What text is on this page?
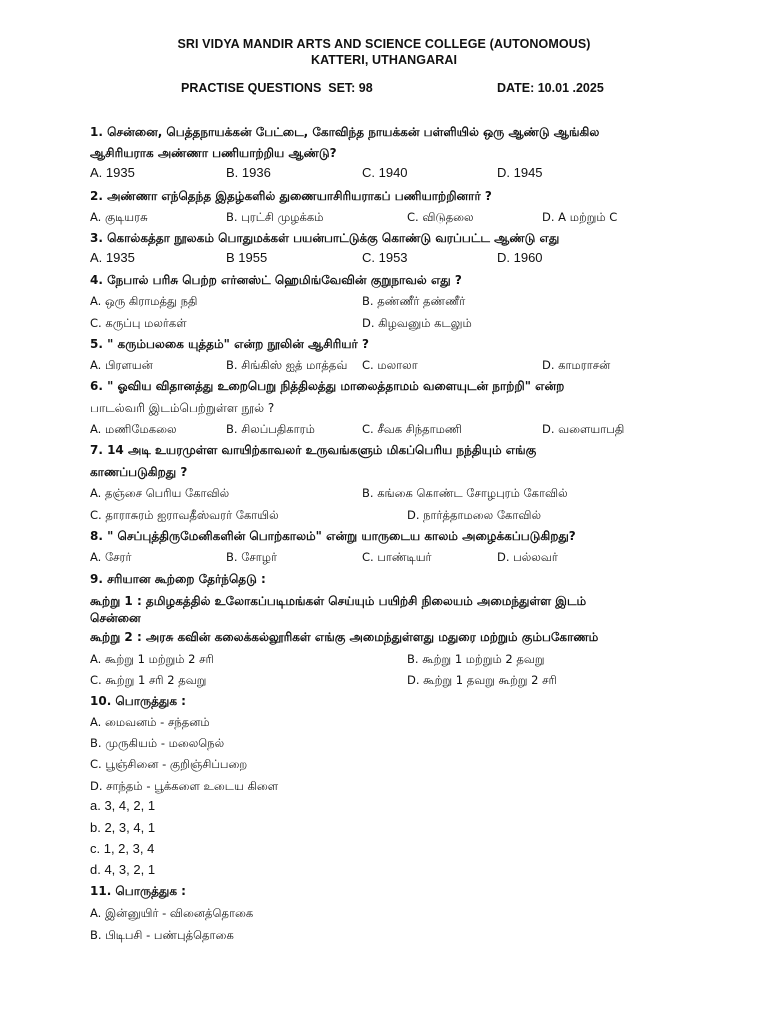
SRI VIDYA MANDIR ARTS AND SCIENCE COLLEGE (AUTONOMOUS)
KATTERI, UTHANGARAI
PRACTISE QUESTIONS  SET: 98	DATE: 10.01 .2025
1. சென்னை, பெத்தநாயக்கன் பேட்டை, கோவிந்த நாயக்கன் பள்ளியில் ஒரு ஆண்டு ஆங்கில
ஆசிரியராக அண்ணா பணியாற்றிய ஆண்டு?
A. 1935	B. 1936	C. 1940	D. 1945
2. அண்ணா எந்தெந்த இதழ்களில் துணையாசிரியராகப் பணியாற்றினார் ?
A. குடியரசு	B. புரட்சி முழக்கம்	C. விடுதலை	D. A மற்றும் C
3. கொல்கத்தா நூலகம் பொதுமக்கள் பயன்பாட்டுக்கு கொண்டு வரப்பட்ட ஆண்டு எது
A. 1935	B 1955	C. 1953	D. 1960
4. நேபால் பரிசு பெற்ற எர்னஸ்ட் ஹெமிங்வேவின் குறுநாவல் எது ?
A. ஒரு கிராமத்து நதி	B. தண்ணீர் தண்ணீர்
C. கருப்பு மலர்கள்	D. கிழவனும் கடலும்
5. " கரும்பலகை யுத்தம்" என்ற நூலின் ஆசிரியர் ?
A. பிரளயன்	B. சிங்கிஸ் ஐத் மாத்தவ் C. மலாலா	D. காமராசன்
6. " ஓவிய விதானத்து உறைபெறு நித்திலத்து மாலைத்தாமம் வளையுடன் நாற்றி" என்ற
பாடல்வரி இடம்பெற்றுள்ள நூல் ?
A. மணிமேகலை	B. சிலப்பதிகாரம்	C. சீவக சிந்தாமணி	D. வளையாபதி
7. 14 அடி உயரமுள்ள வாயிற்காவலர் உருவங்களும் மிகப்பெரிய நந்தியும் எங்கு
காணப்படுகிறது ?
A. தஞ்சை பெரிய கோவில்	B. கங்கை கொண்ட சோழபுரம் கோவில்
C. தாராசுரம் ஐராவதீஸ்வரர் கோயில்	D. நார்த்தாமலை கோவில்
8. " செப்புத்திருமேனிகளின் பொற்காலம்" என்று யாருடைய காலம் அழைக்கப்படுகிறது?
A. சேரர்	B. சோழர்	C. பாண்டியர்	D. பல்லவர்
9. சரியான கூற்றை தேர்ந்தெடு :
கூற்று 1 : தமிழகத்தில் உலோகப்படிமங்கள் செய்யும் பயிற்சி நிலையம் அமைந்துள்ள இடம்
சென்னை
கூற்று 2 : அரசு கவின் கலைக்கல்லூரிகள் எங்கு அமைந்துள்ளது மதுரை மற்றும் கும்பகோணம்
A. கூற்று 1 மற்றும் 2 சரி	B. கூற்று 1 மற்றும் 2 தவறு
C. கூற்று 1 சரி 2 தவறு	D. கூற்று 1 தவறு கூற்று 2 சரி
10. பொருத்துக :
A. மைவனம் - சந்தனம்
B. முருகியம் - மலைநெல்
C. பூஞ்சினை - குறிஞ்சிப்பறை
D. சாந்தம் - பூக்களை உடைய கிளை
a. 3, 4, 2, 1
b. 2, 3, 4, 1
c. 1, 2, 3, 4
d. 4, 3, 2, 1
11. பொருத்துக :
A. இன்னுயிர் - வினைத்தொகை
B. பிடிபசி - பண்புத்தொகை
